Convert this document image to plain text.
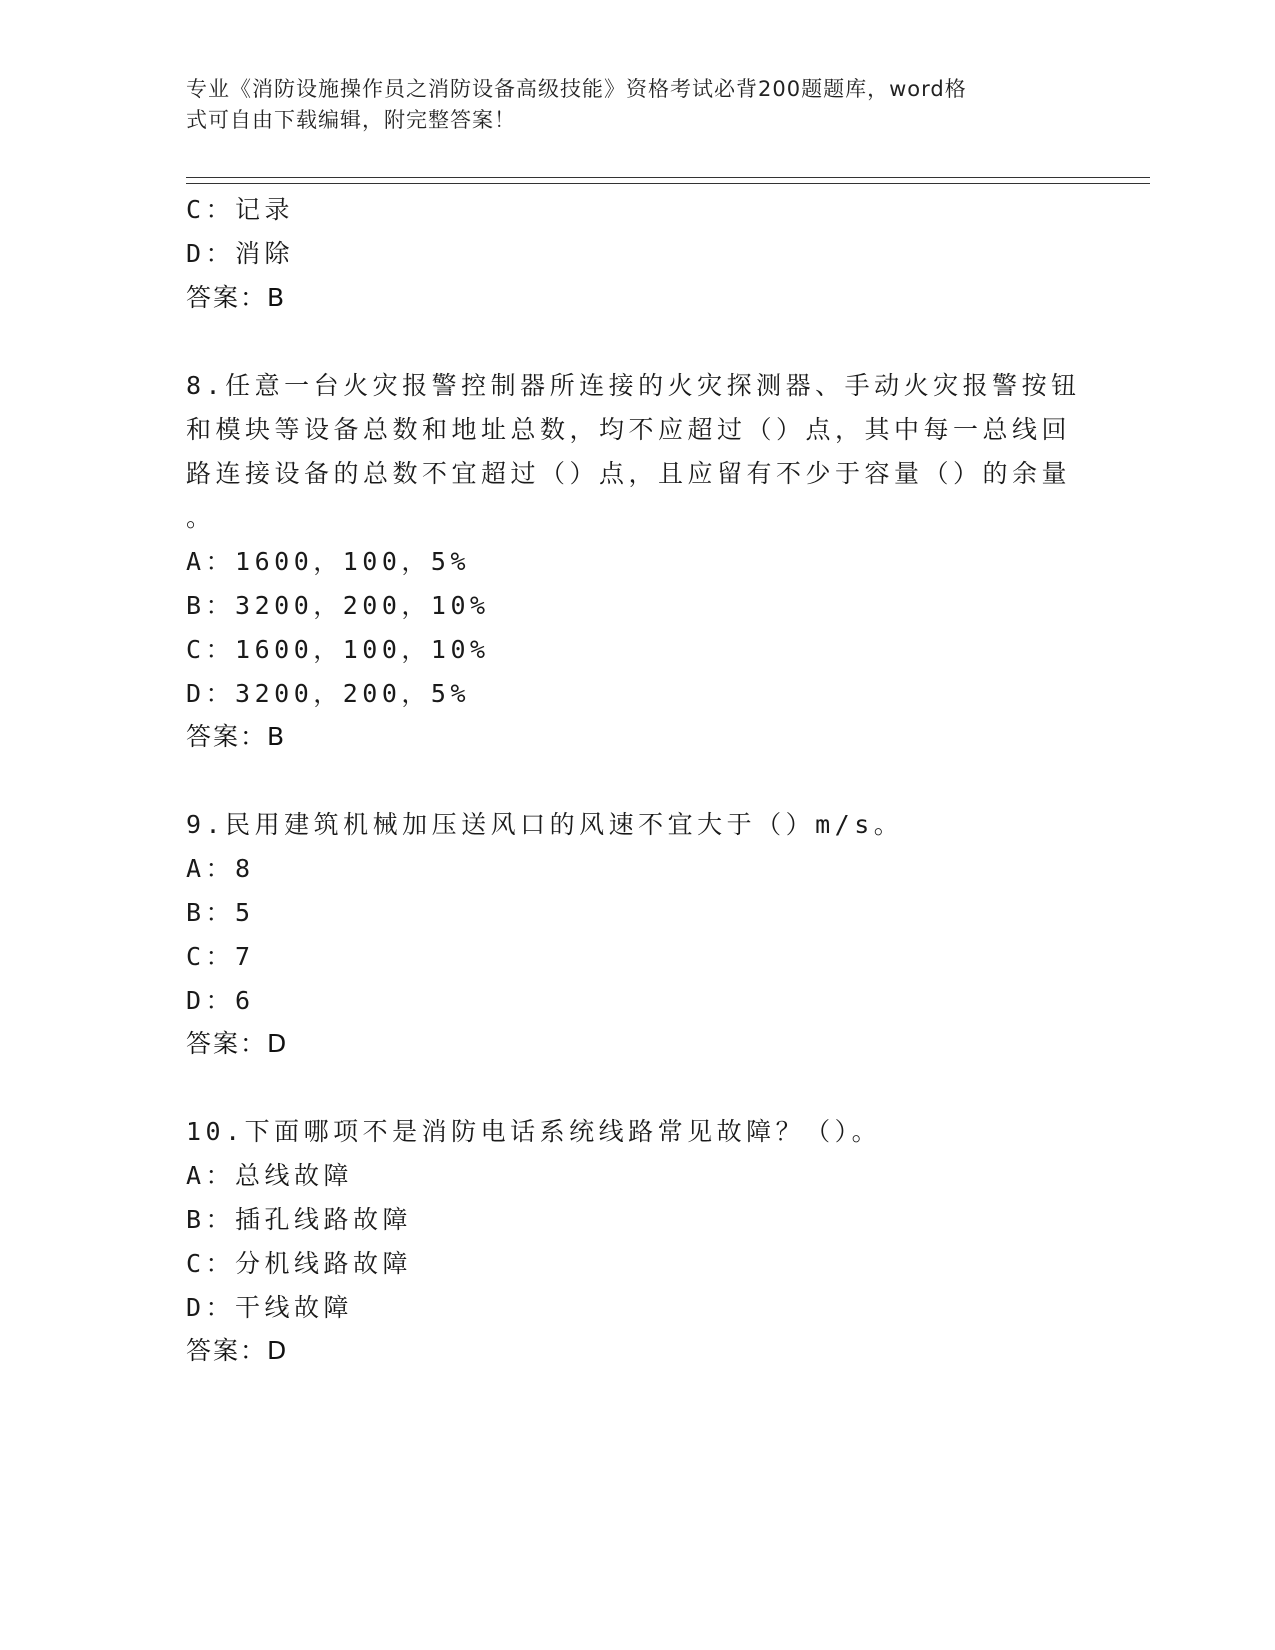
专业《消防设施操作员之消防设备高级技能》资格考试必背200题题库，word格
式可自由下载编辑，附完整答案！
C：记录
D：消除
答案：B
8.任意一台火灾报警控制器所连接的火灾探测器、手动火灾报警按钮
和模块等设备总数和地址总数，均不应超过（）点，其中每一总线回
路连接设备的总数不宜超过（）点，且应留有不少于容量（）的余量
。
A：1600，100，5%
B：3200，200，10%
C：1600，100，10%
D：3200，200，5%
答案：B
9.民用建筑机械加压送风口的风速不宜大于（）m/s。
A：8
B：5
C：7
D：6
答案：D
10.下面哪项不是消防电话系统线路常见故障？（）。
A：总线故障
B：插孔线路故障
C：分机线路故障
D：干线故障
答案：D
